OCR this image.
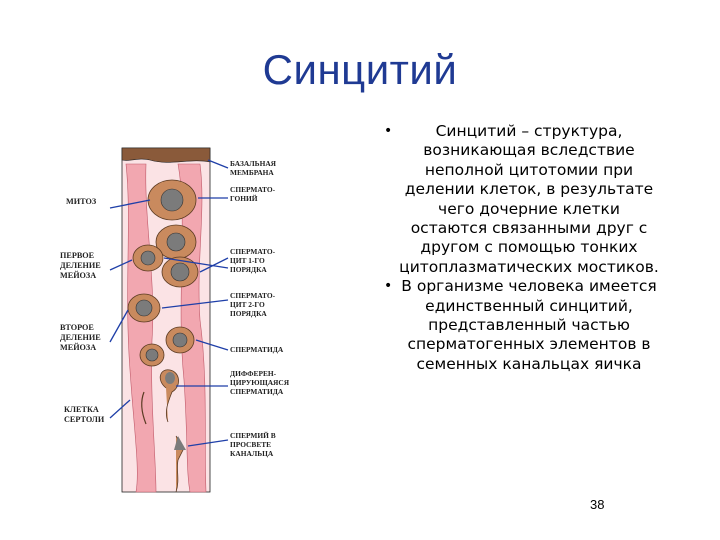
Синцитий
МИТОЗ
ПЕРВОЕ
ДЕЛЕНИЕ
МЕЙОЗА
ВТОРОЕ
ДЕЛЕНИЕ
МЕЙОЗА
КЛЕТКА
СЕРТОЛИ
БАЗАЛЬНАЯ
МЕМБРАНА
СПЕРМАТО-
ГОНИЙ
СПЕРМАТО-
ЦИТ 1-ГО
ПОРЯДКА
СПЕРМАТО-
ЦИТ 2-ГО
ПОРЯДКА
СПЕРМАТИДА
ДИФФЕРЕН-
ЦИРУЮЩАЯСЯ
СПЕРМАТИДА
СПЕРМИЙ В
ПРОСВЕТЕ
КАНАЛЬЦА
•	Синцитий – структура, возникающая вследствие неполной цитотомии при делении клеток, в результате чего дочерние клетки остаются связанными друг с другом с помощью тонких цитоплазматических мостиков.
• В организме человека имеется единственный синцитий, представленный частью сперматогенных элементов в семенных канальцах яичка
38
